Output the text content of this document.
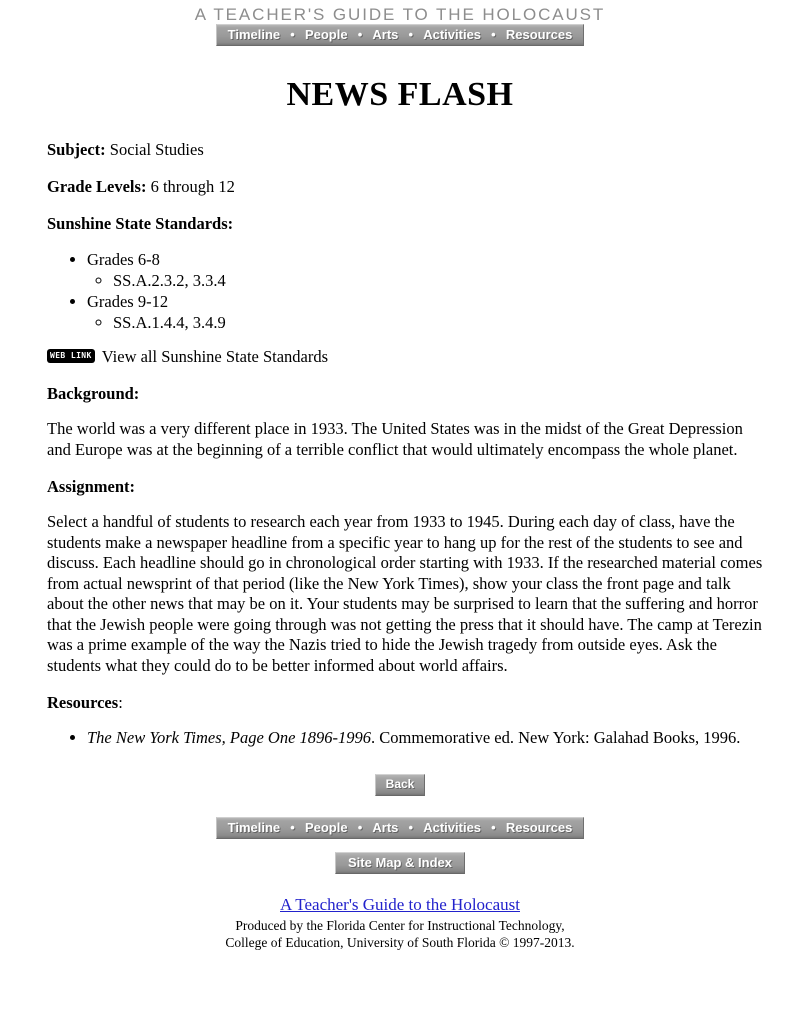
A TEACHER'S GUIDE TO THE HOLOCAUST
Timeline • People • Arts • Activities • Resources
NEWS FLASH

Subject: Social Studies

Grade Levels: 6 through 12

Sunshine State Standards:

• Grades 6-8
◦ SS.A.2.3.2, 3.3.4
• Grades 9-12
◦ SS.A.1.4.4, 3.4.9
WEB LINK View all Sunshine State Standards

Background:

The world was a very different place in 1933. The United States was in the midst of the Great Depression and Europe was at the beginning of a terrible conflict that would ultimately encompass the whole planet.

Assignment:

Select a handful of students to research each year from 1933 to 1945. During each day of class, have the students make a newspaper headline from a specific year to hang up for the rest of the students to see and discuss. Each headline should go in chronological order starting with 1933. If the researched material comes from actual newsprint of that period (like the New York Times), show your class the front page and talk about the other news that may be on it. Your students may be surprised to learn that the suffering and horror that the Jewish people were going through was not getting the press that it should have. The camp at Terezin was a prime example of the way the Nazis tried to hide the Jewish tragedy from outside eyes. Ask the students what they could do to be better informed about world affairs.

Resources:

• The New York Times, Page One 1896-1996. Commemorative ed. New York: Galahad Books, 1996.
Back
Timeline • People • Arts • Activities • Resources
Site Map & Index
A Teacher's Guide to the Holocaust
Produced by the Florida Center for Instructional Technology,
College of Education, University of South Florida © 1997-2013.
